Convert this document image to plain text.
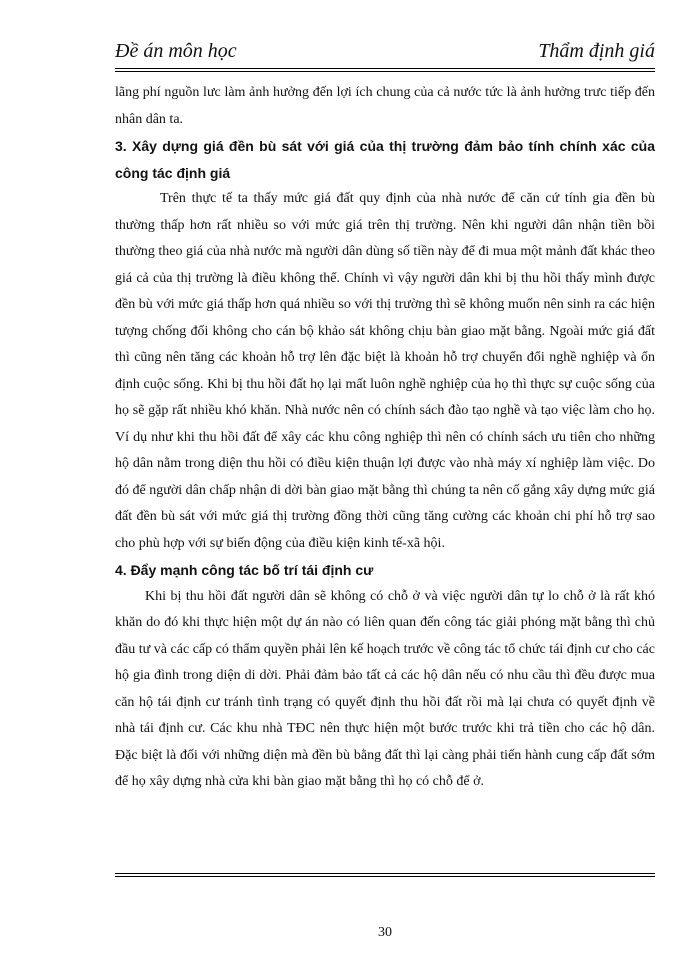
Đề án môn học	Thẩm định giá

lãng phí nguồn lưc làm ảnh hưởng đến lợi ích chung của cả nước tức là ảnh hưởng trưc tiếp đến nhân dân ta.

3. Xây dựng giá đền bù sát với giá của thị trường đảm bảo tính chính xác của công tác định giá

Trên thực tế ta thấy mức giá đất quy định của nhà nước để căn cứ tính gia đền bù thường thấp hơn rất nhiều so với mức giá trên thị trường. Nên khi người dân nhận tiền bồi thường theo giá của nhà nước mà người dân dùng số tiền này để đi mua một mảnh đất khác theo giá cả của thị trường là điều không thể. Chính vì vậy người dân khi bị thu hồi thấy mình được đền bù với mức giá thấp hơn quá nhiều so với thị trường thì sẽ không muốn nên sinh ra các hiện tượng chống đối không cho cán bộ khảo sát không chịu bàn giao mặt bằng. Ngoài mức giá đất thì cũng nên tăng các khoản hỗ trợ lên đặc biệt là khoản hỗ trợ chuyển đổi nghề nghiệp và ổn định cuộc sống. Khi bị thu hồi đất họ lại mất luôn nghề nghiệp của họ thì thực sự cuộc sống của họ sẽ gặp rất nhiều khó khăn. Nhà nước nên có chính sách đào tạo nghề và tạo việc làm cho họ. Ví dụ như khi thu hồi đất để xây các khu công nghiệp thì nên có chính sách ưu tiên cho những hộ dân nằm trong diện thu hồi có điều kiện thuận lợi được vào nhà máy xí nghiệp làm việc. Do đó để người dân chấp nhận di dời bàn giao mặt bằng thì chúng ta nên cố gắng xây dựng mức giá đất đền bù sát với mức giá thị trường đồng thời cũng tăng cường các khoản chi phí hỗ trợ sao cho phù hợp với sự biến động của điều kiện kinh tế-xã hội.

4. Đẩy mạnh công tác bố trí tái định cư

Khi bị thu hồi đất người dân sẽ không có chỗ ở và việc người dân tự lo chỗ ở là rất khó khăn do đó khi thực hiện một dự án nào có liên quan đến công tác giải phóng mặt bằng thì chủ đầu tư và các cấp có thẩm quyền phải lên kế hoạch trước về công tác tổ chức tái định cư cho các hộ gia đình trong diện di dời. Phải đảm bảo tất cả các hộ dân nếu có nhu cầu thì đều được mua căn hộ tái định cư tránh tình trạng có quyết định thu hồi đất rồi mà lại chưa có quyết định về nhà tái định cư. Các khu nhà TĐC nên thực hiện một bước trước khi trả tiền cho các hộ dân. Đặc biệt là đối với những diện mà đền bù bằng đất thì lại càng phải tiến hành cung cấp đất sớm để họ xây dựng nhà cửa khi bàn giao mặt bằng thì họ có chỗ để ở.

30
